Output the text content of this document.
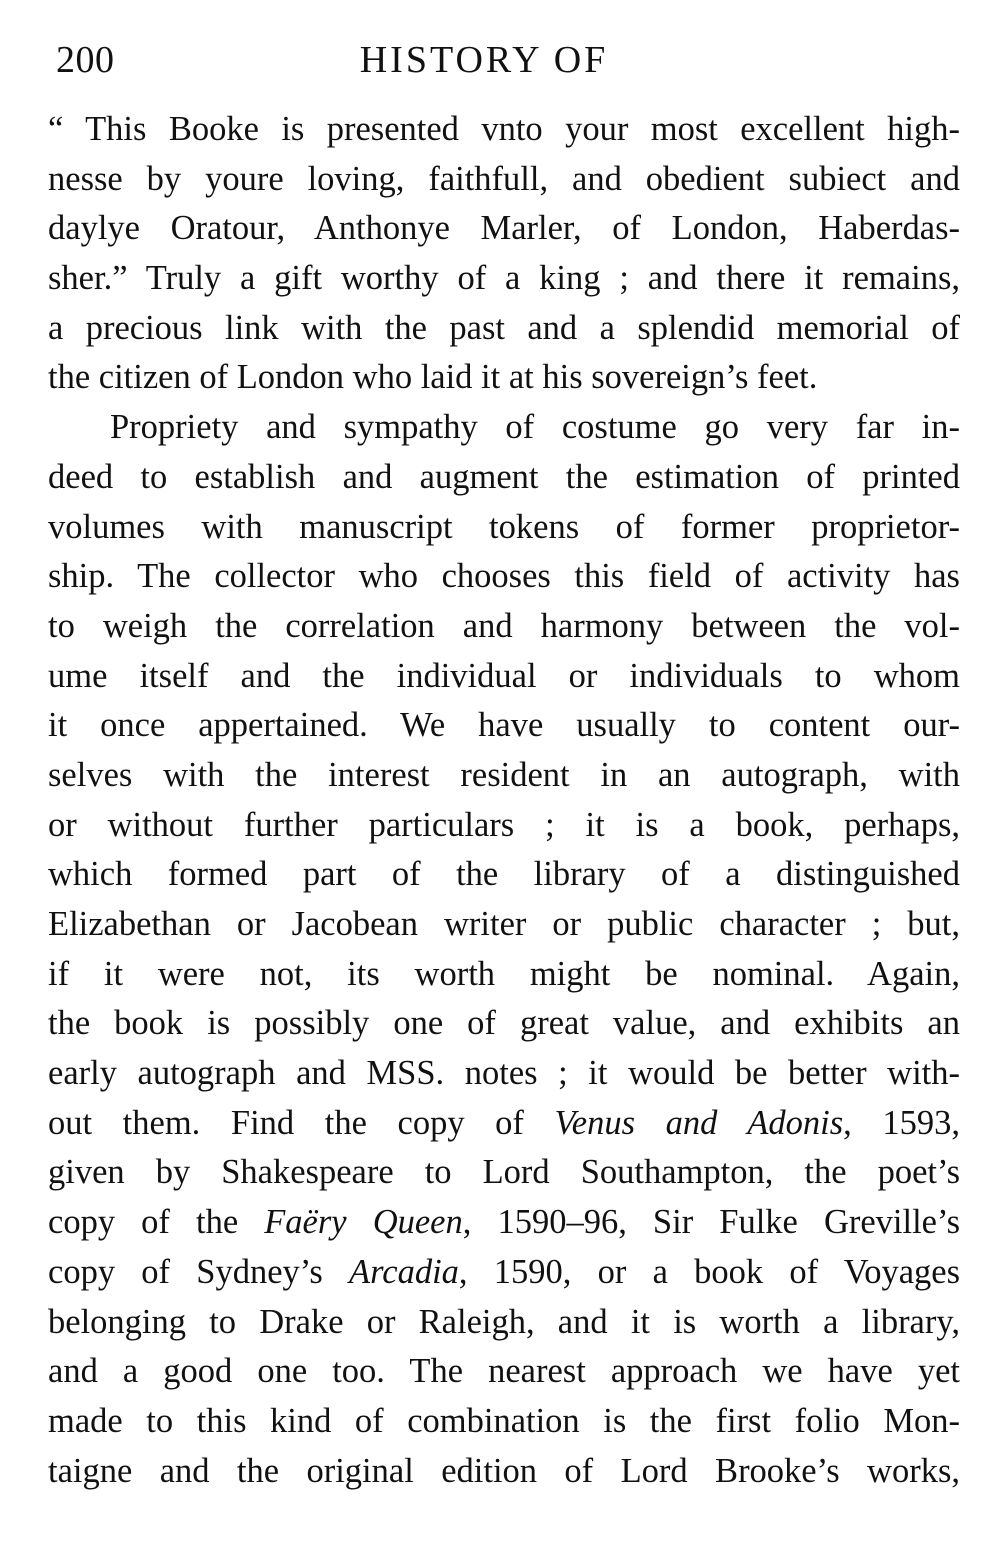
200	HISTORY OF
“ This Booke is presented vnto your most excellent high-
nesse by youre loving, faithfull, and obedient subiect and
daylye Oratour, Anthonye Marler, of London, Haberdas-
sher.” Truly a gift worthy of a king ; and there it remains,
a precious link with the past and a splendid memorial of
the citizen of London who laid it at his sovereign’s feet.
Propriety and sympathy of costume go very far in-
deed to establish and augment the estimation of printed
volumes with manuscript tokens of former proprietor-
ship. The collector who chooses this field of activity has
to weigh the correlation and harmony between the vol-
ume itself and the individual or individuals to whom
it once appertained. We have usually to content our-
selves with the interest resident in an autograph, with
or without further particulars ; it is a book, perhaps,
which formed part of the library of a distinguished
Elizabethan or Jacobean writer or public character ; but,
if it were not, its worth might be nominal. Again,
the book is possibly one of great value, and exhibits an
early autograph and MSS. notes ; it would be better with-
out them. Find the copy of Venus and Adonis, 1593,
given by Shakespeare to Lord Southampton, the poet’s
copy of the Faëry Queen, 1590–96, Sir Fulke Greville’s
copy of Sydney’s Arcadia, 1590, or a book of Voyages
belonging to Drake or Raleigh, and it is worth a library,
and a good one too. The nearest approach we have yet
made to this kind of combination is the first folio Mon-
taigne and the original edition of Lord Brooke’s works,
